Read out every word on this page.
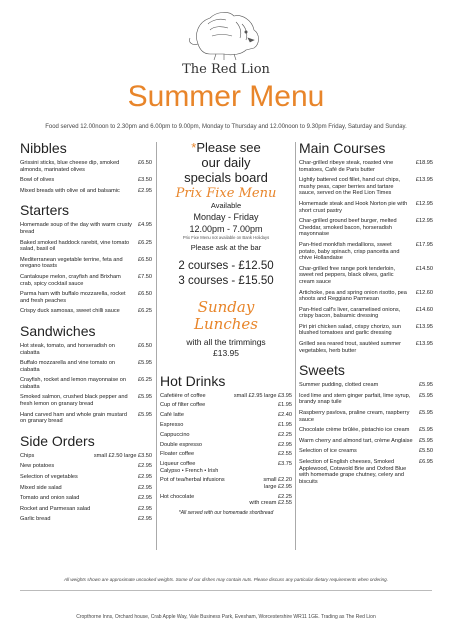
The Red Lion
Summer Menu
Food served 12.00noon to 2.30pm and 6.00pm to 9.00pm, Monday to Thursday and 12.00noon to 9.30pm Friday, Saturday and Sunday.
Nibbles
Grissini sticks, blue cheese dip, smoked almonds, marinated olives
£6.50
Bowl of olives	£3.50
Mixed breads with olive oil and balsamic	£2.95
Starters
Homemade soup of the day with warm crusty bread
£4.95
Baked smoked haddock rarebit, vine tomato salad, basil oil
£6.25
Mediterranean vegetable terrine, feta and oregano toasts
£6.50
Cantaloupe melon, crayfish and Brixham crab, spicy cocktail sauce
£7.50
Parma ham with buffalo mozzarella, rocket and fresh peaches
£6.50
Crispy duck samosas, sweet chilli sauce	£6.25
Sandwiches
Hot steak, tomato, and horseradish on ciabatta
£6.50
Buffalo mozzarella and vine tomato on ciabatta
£5.95
Crayfish, rocket and lemon mayonnaise on ciabatta
£6.25
Smoked salmon, crushed black pepper and fresh lemon on granary bread
£5.95
Hand carved ham and whole grain mustard on granary bread
£5.95
Side Orders
Chips	small £2.50 large £3.50
New potatoes	£2.95
Selection of vegetables	£2.95
Mixed side salad	£2.95
Tomato and onion salad	£2.95
Rocket and Parmesan salad	£2.95
Garlic bread	£2.95
*Please see
our daily
specials board
Prix Fixe Menu
Available
Monday - Friday
12.00pm - 7.00pm
Prix Fixe Menu not available on Bank Holidays
Please ask at the bar
2 courses - £12.50
3 courses - £15.50
Sunday
Lunches
with all the trimmings
£13.95
Hot Drinks
Cafetière of coffee	small £2.95 large £3.95
Cup of filter coffee	£1.95
Café latte	£2.40
Espresso	£1.95
Cappuccino	£2.25
Double espresso	£2.95
Floater coffee	£2.55
Liqueur coffee	£3.75
Calypso • French • Irish
Pot of tea/herbal infusions	small £2.20
large £2.95
Hot chocolate	£2.25
with cream £2.55
*All served with our homemade shortbread
Main Courses
Char-grilled ribeye steak, roasted vine tomatoes, Café de Paris butter
£18.95
Lightly battered cod fillet, hand cut chips, mushy peas, caper berries and tartare sauce, served on the Red Lion Times
£13.95
Homemade steak and Hook Norton pie with short crust pastry
£12.95
Char-grilled ground beef burger, melted Cheddar, smoked bacon, horseradish mayonnaise
£12.95
Pan-fried monkfish medallions, sweet potato, baby spinach, crisp pancetta and chive Hollandaise
£17.95
Char-grilled free range pork tenderloin, sweet red peppers, black olives, garlic cream sauce
£14.50
Artichoke, pea and spring onion risotto, pea shoots and Reggiano Parmesan
£12.60
Pan-fried calf's liver, caramelised onions, crispy bacon, balsamic dressing
£14.60
Piri piri chicken salad, crispy chorizo, sun blushed tomatoes and garlic dressing
£13.95
Grilled sea reared trout, sautéed summer vegetables, herb butter
£13.95
Sweets
Summer pudding, clotted cream	£5.95
Iced lime and stem ginger parfait, lime syrup, brandy snap tuile
£5.95
Raspberry pavlova, praline cream, raspberry sauce
£5.95
Chocolate crème brûlée, pistachio ice cream	£5.95
Warm cherry and almond tart, crème Anglaise	£5.95
Selection of ice creams	£5.50
Selection of English cheeses, Smoked Applewood, Cotswold Brie and Oxford Blue with homemade grape chutney, celery and biscuits
£6.95
All weights shown are approximate uncooked weights. Some of our dishes may contain nuts. Please discuss any particular dietary requirements when ordering.
Cropthorne Inns, Orchard house, Crab Apple Way, Vale Business Park, Evesham, Worcestershire WR11 1GE. Trading as The Red Lion
